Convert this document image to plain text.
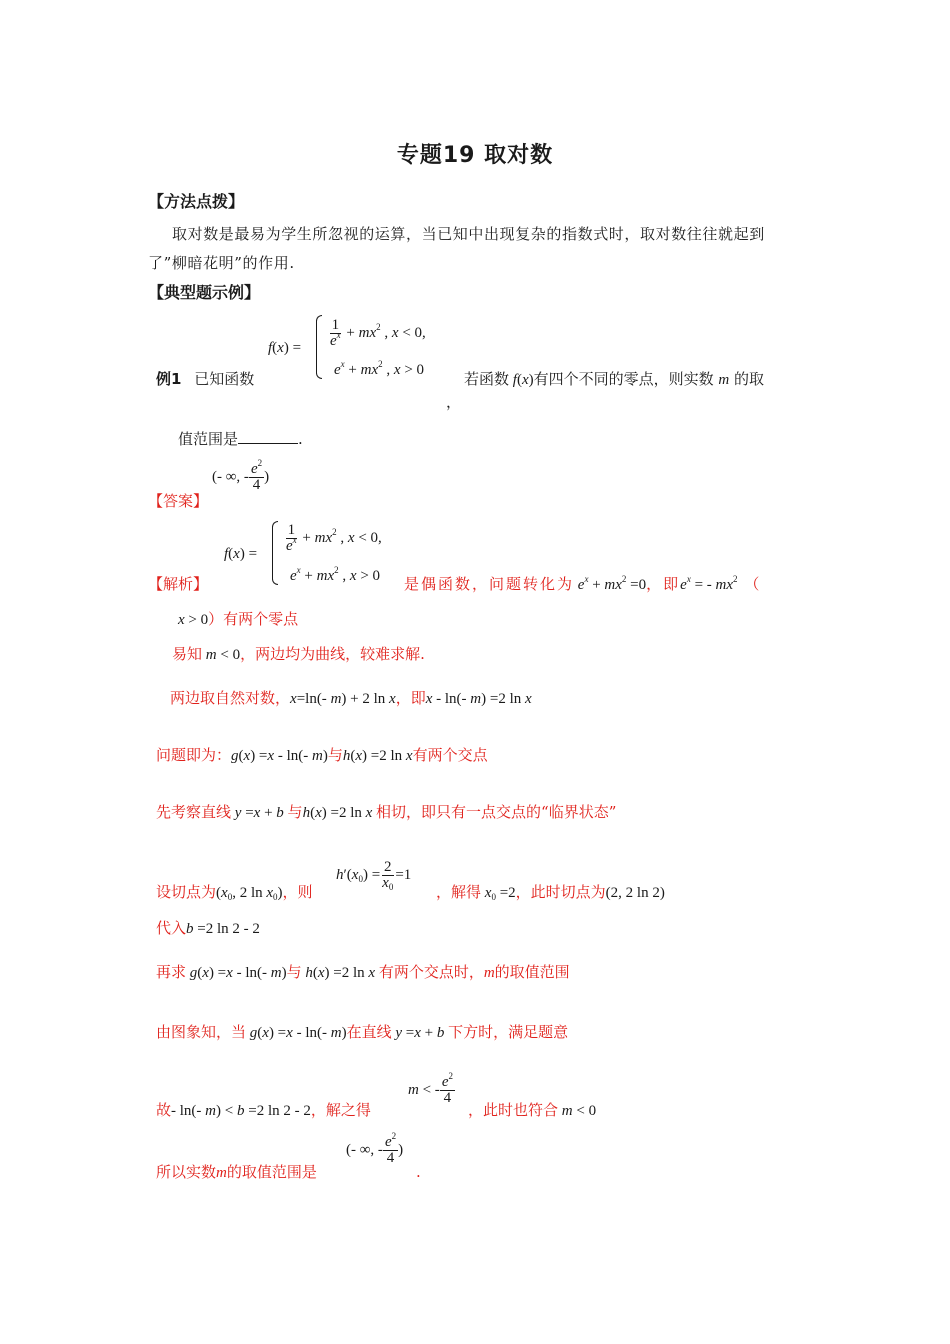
专题19 取对数
【方法点拨】
取对数是最易为学生所忽视的运算，当已知中出现复杂的指数式时，取对数往往就起到
了”柳暗花明”的作用.
【典型题示例】
$f(x) = \frac{1}{e^x} + mx^2$ , x < 0,
$e^x + mx^2$ , x > 0
例1 已知函数	若函数 f(x)有四个不同的零点，则实数 m 的取
，
值范围是	.
(- ∞, - $\frac{e^2}{4}$ )
【答案】
$f(x) = \frac{1}{e^x} + mx^2$ , x < 0,
$e^x + mx^2$ , x > 0
【解析】	是偶函数，问题转化为 $e^x + mx^2 =0$，即$e^x$ = - $mx^2$ （
x > 0）有两个零点
易知 m < 0，两边均为曲线，较难求解.
两边取自然对数，x=ln(- m) + 2 ln x，即x - ln(- m) =2 ln x
问题即为：g(x) =x - ln(- m)与h(x) =2 ln x有两个交点
先考察直线 y =x + b 与h(x) =2 ln x 相切，即只有一点交点的“临界状态”
$h'(x_0) = \frac{2}{x_0} =1$
设切点为($x_0$, 2 $\ln x_0$)，则	，解得 $x_0 =2$，此时切点为(2, 2 ln 2)
代入b =2 ln 2 - 2
再求 g(x) =x - ln(- m)与 h(x) =2 ln x 有两个交点时，m的取值范围
由图象知，当 g(x) =x - ln(- m)在直线 y =x + b 下方时，满足题意
m < - $\frac{e^2}{4}$
故- ln(- m) < b =2 ln 2 - 2，解之得	，此时也符合 m < 0
(- ∞, - $\frac{e^2}{4}$ )
所以实数m的取值范围是	.
